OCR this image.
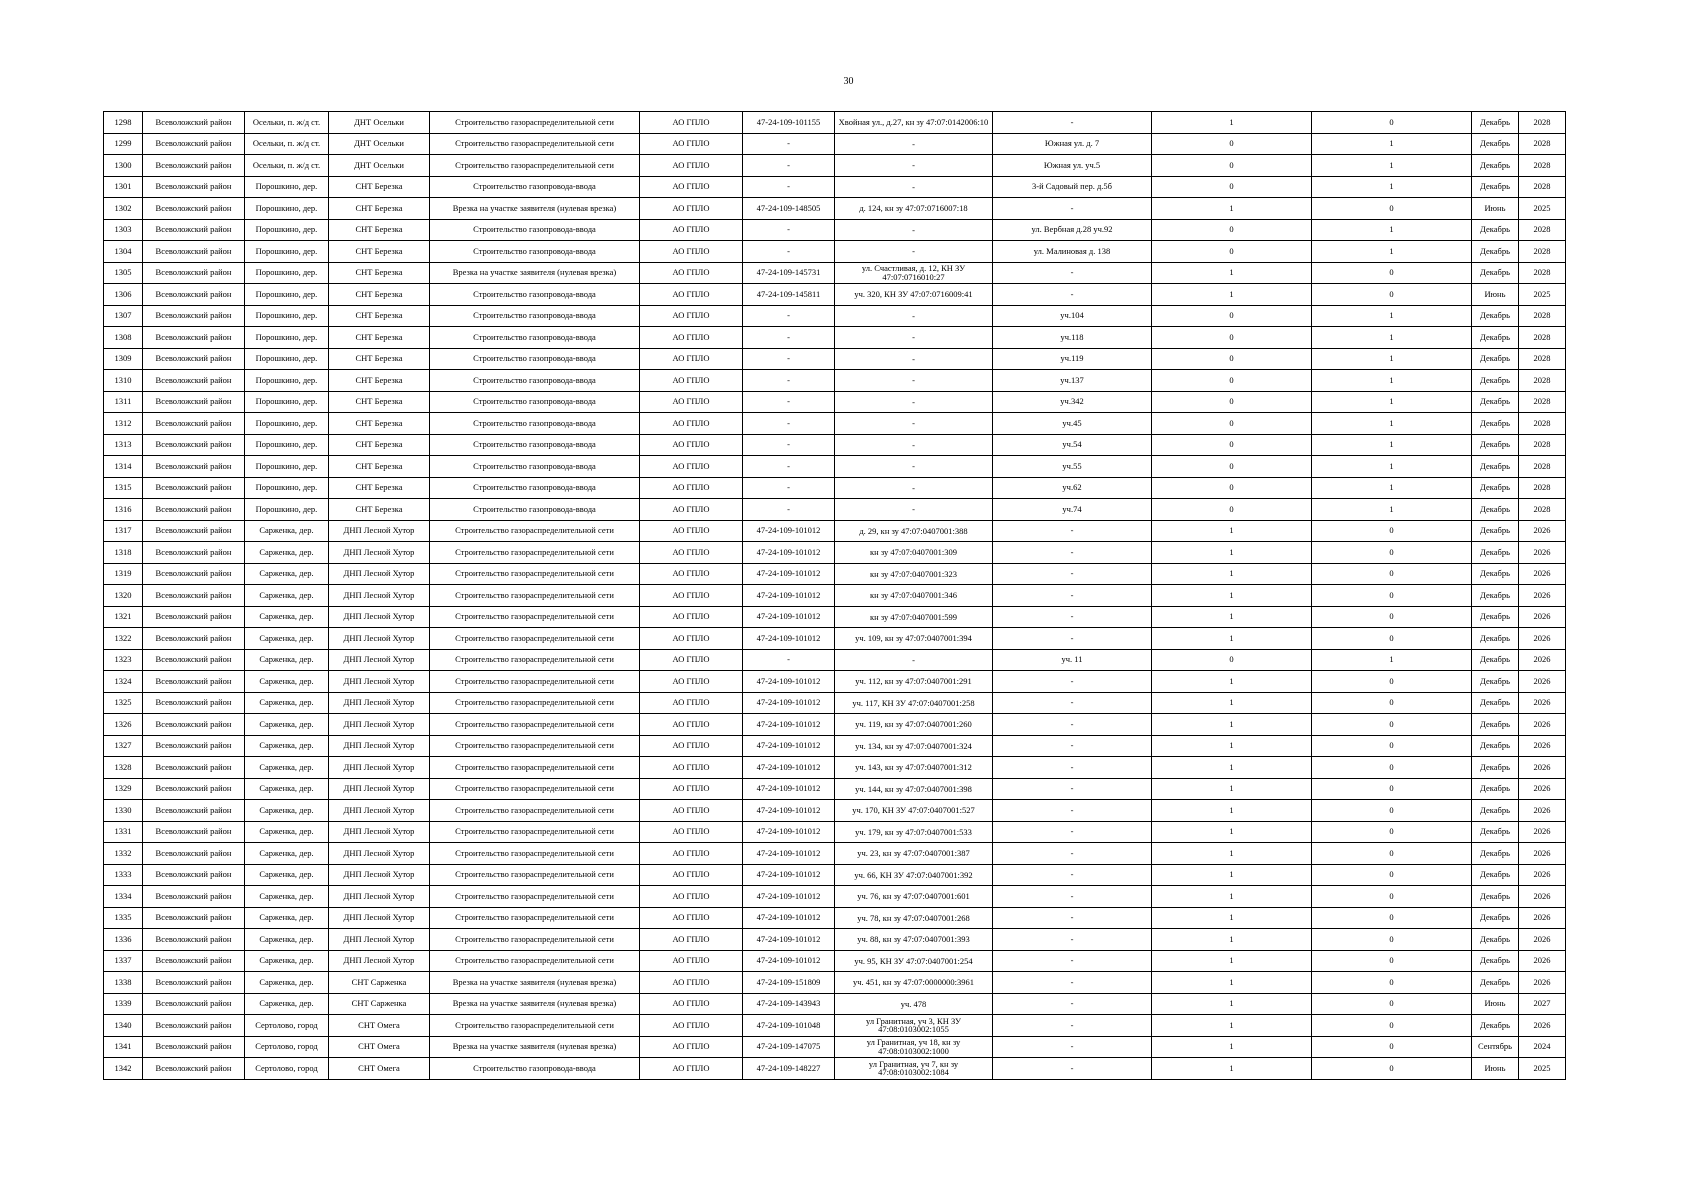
30
1298	Всеволожский район	Осельки, п. ж/д ст.	ДНТ Осельки	Строительство газораспределительной сети	АО ГПЛО	47-24-109-101155	Хвойная ул., д.27, кн зу 47:07:0142006:10	-	1	0	Декабрь	2028
1299	Всеволожский район	Осельки, п. ж/д ст.	ДНТ Осельки	Строительство газораспределительной сети	АО ГПЛО	-	-	Южная ул. д. 7	0	1	Декабрь	2028
1300	Всеволожский район	Осельки, п. ж/д ст.	ДНТ Осельки	Строительство газораспределительной сети	АО ГПЛО	-	-	Южная ул. уч.5	0	1	Декабрь	2028
1301	Всеволожский район	Порошкино, дер.	СНТ Березка	Строительство газопровода-ввода	АО ГПЛО	-	-	3-й Садовый пер. д.5б	0	1	Декабрь	2028
1302	Всеволожский район	Порошкино, дер.	СНТ Березка	Врезка на участке заявителя (нулевая врезка)	АО ГПЛО	47-24-109-148505	д. 124, кн зу 47:07:0716007:18	-	1	0	Июнь	2025
1303	Всеволожский район	Порошкино, дер.	СНТ Березка	Строительство газопровода-ввода	АО ГПЛО	-	-	ул. Вербная д.28 уч.92	0	1	Декабрь	2028
1304	Всеволожский район	Порошкино, дер.	СНТ Березка	Строительство газопровода-ввода	АО ГПЛО	-	-	ул. Малиновая д. 138	0	1	Декабрь	2028
1305	Всеволожский район	Порошкино, дер.	СНТ Березка	Врезка на участке заявителя (нулевая врезка)	АО ГПЛО	47-24-109-145731	ул. Счастливая, д. 12, КН ЗУ 47:07:0716010:27	-	1	0	Декабрь	2028
1306	Всеволожский район	Порошкино, дер.	СНТ Березка	Строительство газопровода-ввода	АО ГПЛО	47-24-109-145811	уч. 320, КН ЗУ 47:07:0716009:41	-	1	0	Июнь	2025
1307	Всеволожский район	Порошкино, дер.	СНТ Березка	Строительство газопровода-ввода	АО ГПЛО	-	-	уч.104	0	1	Декабрь	2028
1308	Всеволожский район	Порошкино, дер.	СНТ Березка	Строительство газопровода-ввода	АО ГПЛО	-	-	уч.118	0	1	Декабрь	2028
1309	Всеволожский район	Порошкино, дер.	СНТ Березка	Строительство газопровода-ввода	АО ГПЛО	-	-	уч.119	0	1	Декабрь	2028
1310	Всеволожский район	Порошкино, дер.	СНТ Березка	Строительство газопровода-ввода	АО ГПЛО	-	-	уч.137	0	1	Декабрь	2028
1311	Всеволожский район	Порошкино, дер.	СНТ Березка	Строительство газопровода-ввода	АО ГПЛО	-	-	уч.342	0	1	Декабрь	2028
1312	Всеволожский район	Порошкино, дер.	СНТ Березка	Строительство газопровода-ввода	АО ГПЛО	-	-	уч.45	0	1	Декабрь	2028
1313	Всеволожский район	Порошкино, дер.	СНТ Березка	Строительство газопровода-ввода	АО ГПЛО	-	-	уч.54	0	1	Декабрь	2028
1314	Всеволожский район	Порошкино, дер.	СНТ Березка	Строительство газопровода-ввода	АО ГПЛО	-	-	уч.55	0	1	Декабрь	2028
1315	Всеволожский район	Порошкино, дер.	СНТ Березка	Строительство газопровода-ввода	АО ГПЛО	-	-	уч.62	0	1	Декабрь	2028
1316	Всеволожский район	Порошкино, дер.	СНТ Березка	Строительство газопровода-ввода	АО ГПЛО	-	-	уч.74	0	1	Декабрь	2028
1317	Всеволожский район	Сарженка, дер.	ДНП Лесной Хутор	Строительство газораспределительной сети	АО ГПЛО	47-24-109-101012	д. 29, кн зу 47:07:0407001:388	-	1	0	Декабрь	2026
1318	Всеволожский район	Сарженка, дер.	ДНП Лесной Хутор	Строительство газораспределительной сети	АО ГПЛО	47-24-109-101012	кн зу 47:07:0407001:309	-	1	0	Декабрь	2026
1319	Всеволожский район	Сарженка, дер.	ДНП Лесной Хутор	Строительство газораспределительной сети	АО ГПЛО	47-24-109-101012	кн зу 47:07:0407001:323	-	1	0	Декабрь	2026
1320	Всеволожский район	Сарженка, дер.	ДНП Лесной Хутор	Строительство газораспределительной сети	АО ГПЛО	47-24-109-101012	кн зу 47:07:0407001:346	-	1	0	Декабрь	2026
1321	Всеволожский район	Сарженка, дер.	ДНП Лесной Хутор	Строительство газораспределительной сети	АО ГПЛО	47-24-109-101012	кн зу 47:07:0407001:599	-	1	0	Декабрь	2026
1322	Всеволожский район	Сарженка, дер.	ДНП Лесной Хутор	Строительство газораспределительной сети	АО ГПЛО	47-24-109-101012	уч. 109, кн зу 47:07:0407001:394	-	1	0	Декабрь	2026
1323	Всеволожский район	Сарженка, дер.	ДНП Лесной Хутор	Строительство газораспределительной сети	АО ГПЛО	-	-	уч. 11	0	1	Декабрь	2026
1324	Всеволожский район	Сарженка, дер.	ДНП Лесной Хутор	Строительство газораспределительной сети	АО ГПЛО	47-24-109-101012	уч. 112, кн зу 47:07:0407001:291	-	1	0	Декабрь	2026
1325	Всеволожский район	Сарженка, дер.	ДНП Лесной Хутор	Строительство газораспределительной сети	АО ГПЛО	47-24-109-101012	уч. 117, КН ЗУ 47:07:0407001:258	-	1	0	Декабрь	2026
1326	Всеволожский район	Сарженка, дер.	ДНП Лесной Хутор	Строительство газораспределительной сети	АО ГПЛО	47-24-109-101012	уч. 119, кн зу 47:07:0407001:260	-	1	0	Декабрь	2026
1327	Всеволожский район	Сарженка, дер.	ДНП Лесной Хутор	Строительство газораспределительной сети	АО ГПЛО	47-24-109-101012	уч. 134, кн зу 47:07:0407001:324	-	1	0	Декабрь	2026
1328	Всеволожский район	Сарженка, дер.	ДНП Лесной Хутор	Строительство газораспределительной сети	АО ГПЛО	47-24-109-101012	уч. 143, кн зу 47:07:0407001:312	-	1	0	Декабрь	2026
1329	Всеволожский район	Сарженка, дер.	ДНП Лесной Хутор	Строительство газораспределительной сети	АО ГПЛО	47-24-109-101012	уч. 144, кн зу 47:07:0407001:398	-	1	0	Декабрь	2026
1330	Всеволожский район	Сарженка, дер.	ДНП Лесной Хутор	Строительство газораспределительной сети	АО ГПЛО	47-24-109-101012	уч. 170, КН ЗУ 47:07:0407001:527	-	1	0	Декабрь	2026
1331	Всеволожский район	Сарженка, дер.	ДНП Лесной Хутор	Строительство газораспределительной сети	АО ГПЛО	47-24-109-101012	уч. 179, кн зу 47:07:0407001:533	-	1	0	Декабрь	2026
1332	Всеволожский район	Сарженка, дер.	ДНП Лесной Хутор	Строительство газораспределительной сети	АО ГПЛО	47-24-109-101012	уч. 23, кн зу 47:07:0407001:387	-	1	0	Декабрь	2026
1333	Всеволожский район	Сарженка, дер.	ДНП Лесной Хутор	Строительство газораспределительной сети	АО ГПЛО	47-24-109-101012	уч. 66, КН ЗУ 47:07:0407001:392	-	1	0	Декабрь	2026
1334	Всеволожский район	Сарженка, дер.	ДНП Лесной Хутор	Строительство газораспределительной сети	АО ГПЛО	47-24-109-101012	уч. 76, кн зу 47:07:0407001:601	-	1	0	Декабрь	2026
1335	Всеволожский район	Сарженка, дер.	ДНП Лесной Хутор	Строительство газораспределительной сети	АО ГПЛО	47-24-109-101012	уч. 78, кн зу 47:07:0407001:268	-	1	0	Декабрь	2026
1336	Всеволожский район	Сарженка, дер.	ДНП Лесной Хутор	Строительство газораспределительной сети	АО ГПЛО	47-24-109-101012	уч. 88, кн зу 47:07:0407001:393	-	1	0	Декабрь	2026
1337	Всеволожский район	Сарженка, дер.	ДНП Лесной Хутор	Строительство газораспределительной сети	АО ГПЛО	47-24-109-101012	уч. 95, КН ЗУ 47:07:0407001:254	-	1	0	Декабрь	2026
1338	Всеволожский район	Сарженка, дер.	СНТ Сарженка	Врезка на участке заявителя (нулевая врезка)	АО ГПЛО	47-24-109-151809	уч. 451, кн зу 47:07:0000000:3961	-	1	0	Декабрь	2026
1339	Всеволожский район	Сарженка, дер.	СНТ Сарженка	Врезка на участке заявителя (нулевая врезка)	АО ГПЛО	47-24-109-143943	уч. 478	-	1	0	Июнь	2027
1340	Всеволожский район	Сертолово, город	СНТ Омега	Строительство газораспределительной сети	АО ГПЛО	47-24-109-101048	ул Гранитная, уч 3, КН ЗУ 47:08:0103002:1055	-	1	0	Декабрь	2026
1341	Всеволожский район	Сертолово, город	СНТ Омега	Врезка на участке заявителя (нулевая врезка)	АО ГПЛО	47-24-109-147075	ул Гранитная, уч 18, кн зу 47:08:0103002:1000	-	1	0	Сентябрь	2024
1342	Всеволожский район	Сертолово, город	СНТ Омега	Строительство газопровода-ввода	АО ГПЛО	47-24-109-148227	ул Гранитная, уч 7, кн зу 47:08:0103002:1084	-	1	0	Июнь	2025
